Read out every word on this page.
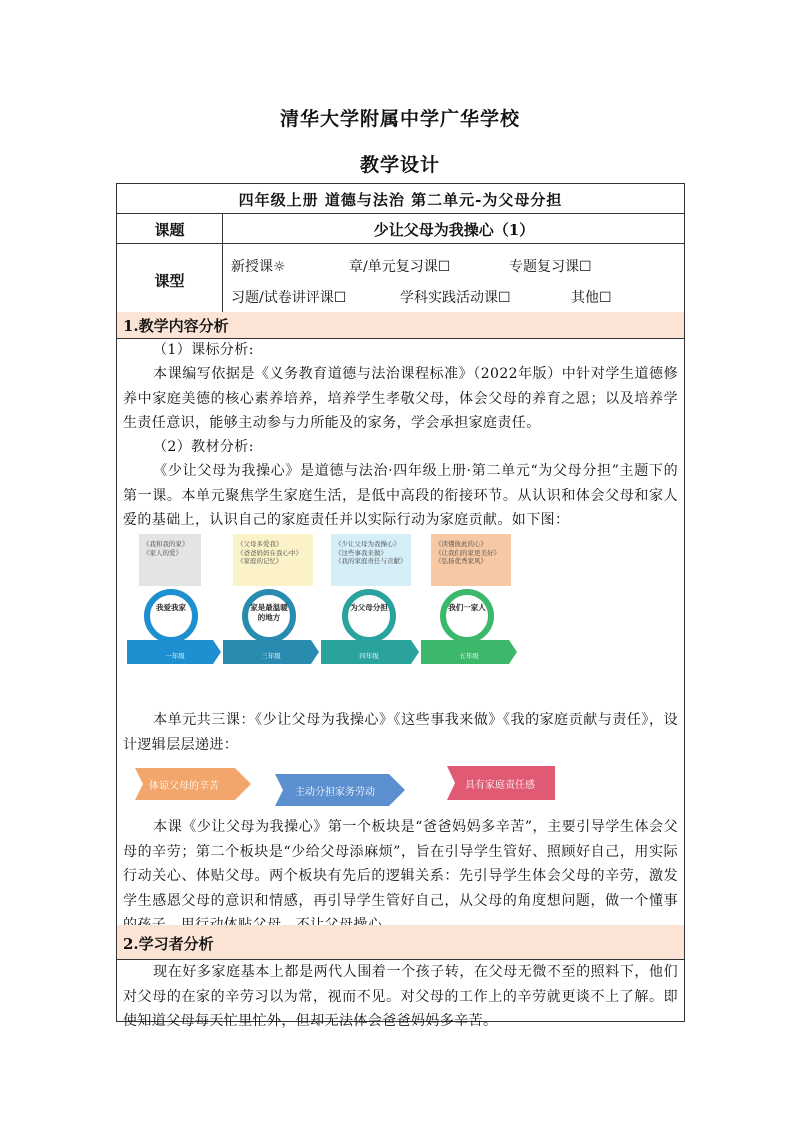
清华大学附属中学广华学校
教学设计
四年级上册 道德与法治 第二单元-为父母分担
课题	少让父母为我操心（1）
课型
新授课☼	章/单元复习课☐	专题复习课☐
习题/试卷讲评课☐	学科实践活动课☐	其他☐
1.教学内容分析
（1）课标分析:
本课编写依据是《义务教育道德与法治课程标准》（2022年版）中针对学生道德修养中家庭美德的核心素养培养，培养学生孝敬父母，体会父母的养育之恩；以及培养学生责任意识，能够主动参与力所能及的家务，学会承担家庭责任。
（2）教材分析:
《少让父母为我操心》是道德与法治·四年级上册·第二单元“为父母分担”主题下的第一课。本单元聚焦学生家庭生活，是低中高段的衔接环节。从认识和体会父母和家人爱的基础上，认识自己的家庭责任并以实际行动为家庭贡献。如下图：
《我和我的家》
《家人的爱》
《父母多爱我》
《爸爸妈妈在我心中》
《家庭的记忆》
《少让父母为我操心》
《这些事我来做》
《我的家庭责任与贡献》
《读懂彼此的心》
《让我们的家更美好》
《弘扬优秀家风》
我爱我家	家是最温暖的地方
为父母分担	我们一家人
一年级	三年级	四年级	五年级
本单元共三课：《少让父母为我操心》《这些事我来做》《我的家庭贡献与责任》，设计逻辑层层递进：
体谅父母的辛苦
主动分担家务劳动
具有家庭责任感
本课《少让父母为我操心》第一个板块是“爸爸妈妈多辛苦”，主要引导学生体会父母的辛劳；第二个板块是“少给父母添麻烦”，旨在引导学生管好、照顾好自己，用实际行动关心、体贴父母。两个板块有先后的逻辑关系：先引导学生体会父母的辛劳，激发学生感恩父母的意识和情感，再引导学生管好自己，从父母的角度想问题，做一个懂事
2.学习者分析
现在好多家庭基本上都是两代人围着一个孩子转，在父母无微不至的照料下，他们对父母的在家的辛劳习以为常，视而不见。对父母的工作上的辛劳就更谈不上了解。即使知道父母每天忙里忙外，但却无法体会爸爸妈妈多辛苦。
